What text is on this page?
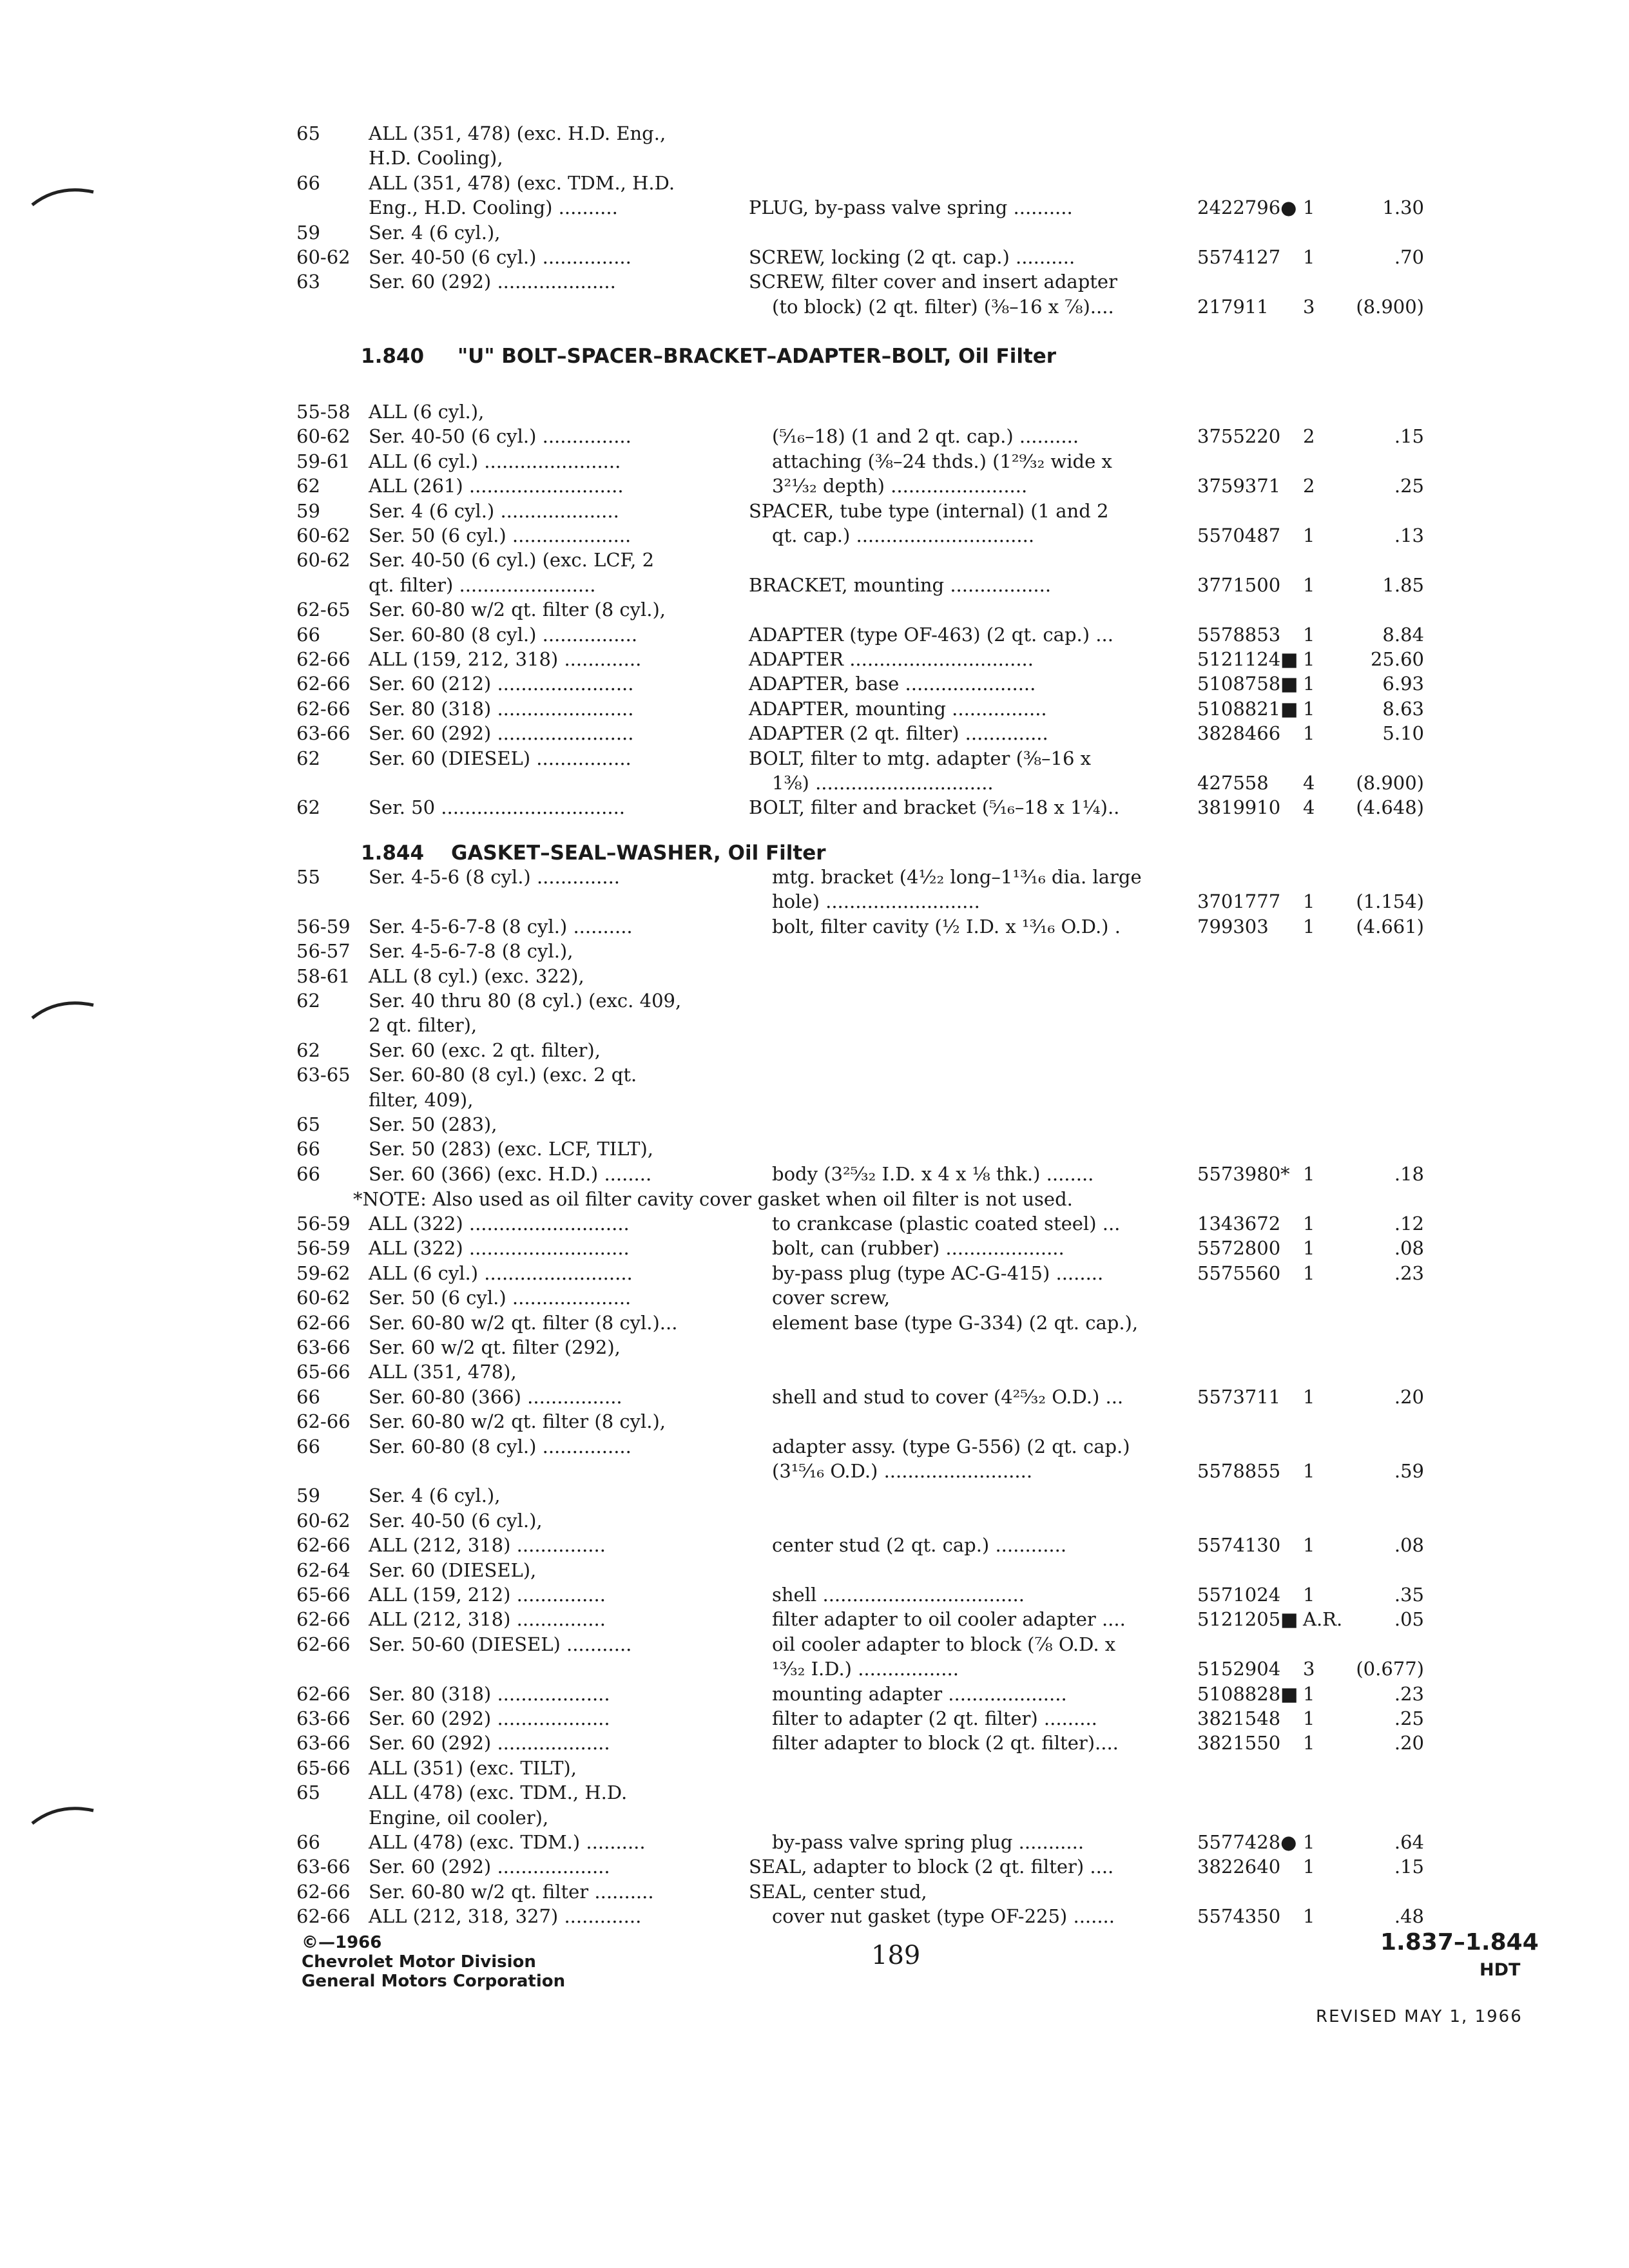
65	ALL (351, 478) (exc. H.D. Eng.,
H.D. Cooling),
66	ALL (351, 478) (exc. TDM., H.D.
Eng., H.D. Cooling) ..........	PLUG, by-pass valve spring ..........	2422796● 1	1.30
59	Ser. 4 (6 cyl.),
60-62 Ser. 40-50 (6 cyl.) ...............	SCREW, locking (2 qt. cap.) ..........	5574127 1	.70
63	Ser. 60 (292) ....................	SCREW, filter cover and insert adapter
(to block) (2 qt. filter) (⅜–16 x ⅞)....	217911 3	(8.900)
1.840 "U" BOLT–SPACER–BRACKET–ADAPTER–BOLT, Oil Filter
55-58 ALL (6 cyl.),
60-62 Ser. 40-50 (6 cyl.) ...............	(⁵⁄₁₆–18) (1 and 2 qt. cap.) ..........	3755220 2	.15
59-61 ALL (6 cyl.) .......................	attaching (⅜–24 thds.) (1²⁹⁄₃₂ wide x
62	ALL (261) ..........................	3²¹⁄₃₂ depth) .......................	3759371 2	.25
59	Ser. 4 (6 cyl.) ....................	SPACER, tube type (internal) (1 and 2
60-62 Ser. 50 (6 cyl.) ....................	qt. cap.) ..............................	5570487 1	.13
60-62 Ser. 40-50 (6 cyl.) (exc. LCF, 2
qt. filter) .......................	BRACKET, mounting .................	3771500 1	1.85
62-65 Ser. 60-80 w/2 qt. filter (8 cyl.),
66	Ser. 60-80 (8 cyl.) ................	ADAPTER (type OF-463) (2 qt. cap.) ...	5578853 1	8.84
62-66 ALL (159, 212, 318) .............	ADAPTER ...............................	5121124■ 1	25.60
62-66 Ser. 60 (212) .......................	ADAPTER, base ......................	5108758■ 1	6.93
62-66 Ser. 80 (318) .......................	ADAPTER, mounting ................	5108821■ 1	8.63
63-66 Ser. 60 (292) .......................	ADAPTER (2 qt. filter) ..............	3828466 1	5.10
62	Ser. 60 (DIESEL) ................	BOLT, filter to mtg. adapter (⅜–16 x
1⅜) ..............................	427558 4	(8.900)
62	Ser. 50 ...............................	BOLT, filter and bracket (⁵⁄₁₆–18 x 1¼)..	3819910 4	(4.648)
1.844 GASKET–SEAL–WASHER, Oil Filter
55	Ser. 4-5-6 (8 cyl.) ..............	mtg. bracket (4½₂ long–1¹³⁄₁₆ dia. large
hole) ..........................	3701777 1	(1.154)
56-59 Ser. 4-5-6-7-8 (8 cyl.) ..........	bolt, filter cavity (½ I.D. x ¹³⁄₁₆ O.D.) .	799303 1	(4.661)
56-57 Ser. 4-5-6-7-8 (8 cyl.),
58-61 ALL (8 cyl.) (exc. 322),
62	Ser. 40 thru 80 (8 cyl.) (exc. 409,
2 qt. filter),
62	Ser. 60 (exc. 2 qt. filter),
63-65 Ser. 60-80 (8 cyl.) (exc. 2 qt.
filter, 409),
65	Ser. 50 (283),
66	Ser. 50 (283) (exc. LCF, TILT),
66	Ser. 60 (366) (exc. H.D.) ........	body (3²⁵⁄₃₂ I.D. x 4 x ⅛ thk.) ........	5573980* 1	.18
*NOTE: Also used as oil filter cavity cover gasket when oil filter is not used.
56-59 ALL (322) ...........................	to crankcase (plastic coated steel) ...	1343672 1	.12
56-59 ALL (322) ...........................	bolt, can (rubber) ....................	5572800 1	.08
59-62 ALL (6 cyl.) .........................	by-pass plug (type AC-G-415) ........	5575560 1	.23
60-62 Ser. 50 (6 cyl.) ....................	cover screw,
62-66 Ser. 60-80 w/2 qt. filter (8 cyl.)...	element base (type G-334) (2 qt. cap.),
63-66 Ser. 60 w/2 qt. filter (292),
65-66 ALL (351, 478),
66	Ser. 60-80 (366) ................	shell and stud to cover (4²⁵⁄₃₂ O.D.) ...	5573711 1	.20
62-66 Ser. 60-80 w/2 qt. filter (8 cyl.),
66	Ser. 60-80 (8 cyl.) ...............	adapter assy. (type G-556) (2 qt. cap.)
(3¹⁵⁄₁₆ O.D.) .........................	5578855 1	.59
59	Ser. 4 (6 cyl.),
60-62 Ser. 40-50 (6 cyl.),
62-66 ALL (212, 318) ...............	center stud (2 qt. cap.) ............	5574130 1	.08
62-64 Ser. 60 (DIESEL),
65-66 ALL (159, 212) ...............	shell ..................................	5571024 1	.35
62-66 ALL (212, 318) ...............	filter adapter to oil cooler adapter ....	5121205■ A.R.	.05
62-66 Ser. 50-60 (DIESEL) ...........	oil cooler adapter to block (⅞ O.D. x
¹³⁄₃₂ I.D.) .................	5152904 3	(0.677)
62-66 Ser. 80 (318) ...................	mounting adapter ....................	5108828■ 1	.23
63-66 Ser. 60 (292) ...................	filter to adapter (2 qt. filter) .........	3821548 1	.25
63-66 Ser. 60 (292) ...................	filter adapter to block (2 qt. filter)....	3821550 1	.20
65-66 ALL (351) (exc. TILT),
65	ALL (478) (exc. TDM., H.D.
Engine, oil cooler),
66	ALL (478) (exc. TDM.) ..........	by-pass valve spring plug ...........	5577428● 1	.64
63-66 Ser. 60 (292) ...................	SEAL, adapter to block (2 qt. filter) ....	3822640 1	.15
62-66 Ser. 60-80 w/2 qt. filter ..........	SEAL, center stud,
62-66 ALL (212, 318, 327) .............	cover nut gasket (type OF-225) .......	5574350 1	.48
©—1966
Chevrolet Motor Division
General Motors Corporation
189	1.837–1.844
HDT
REVISED MAY 1, 1966
